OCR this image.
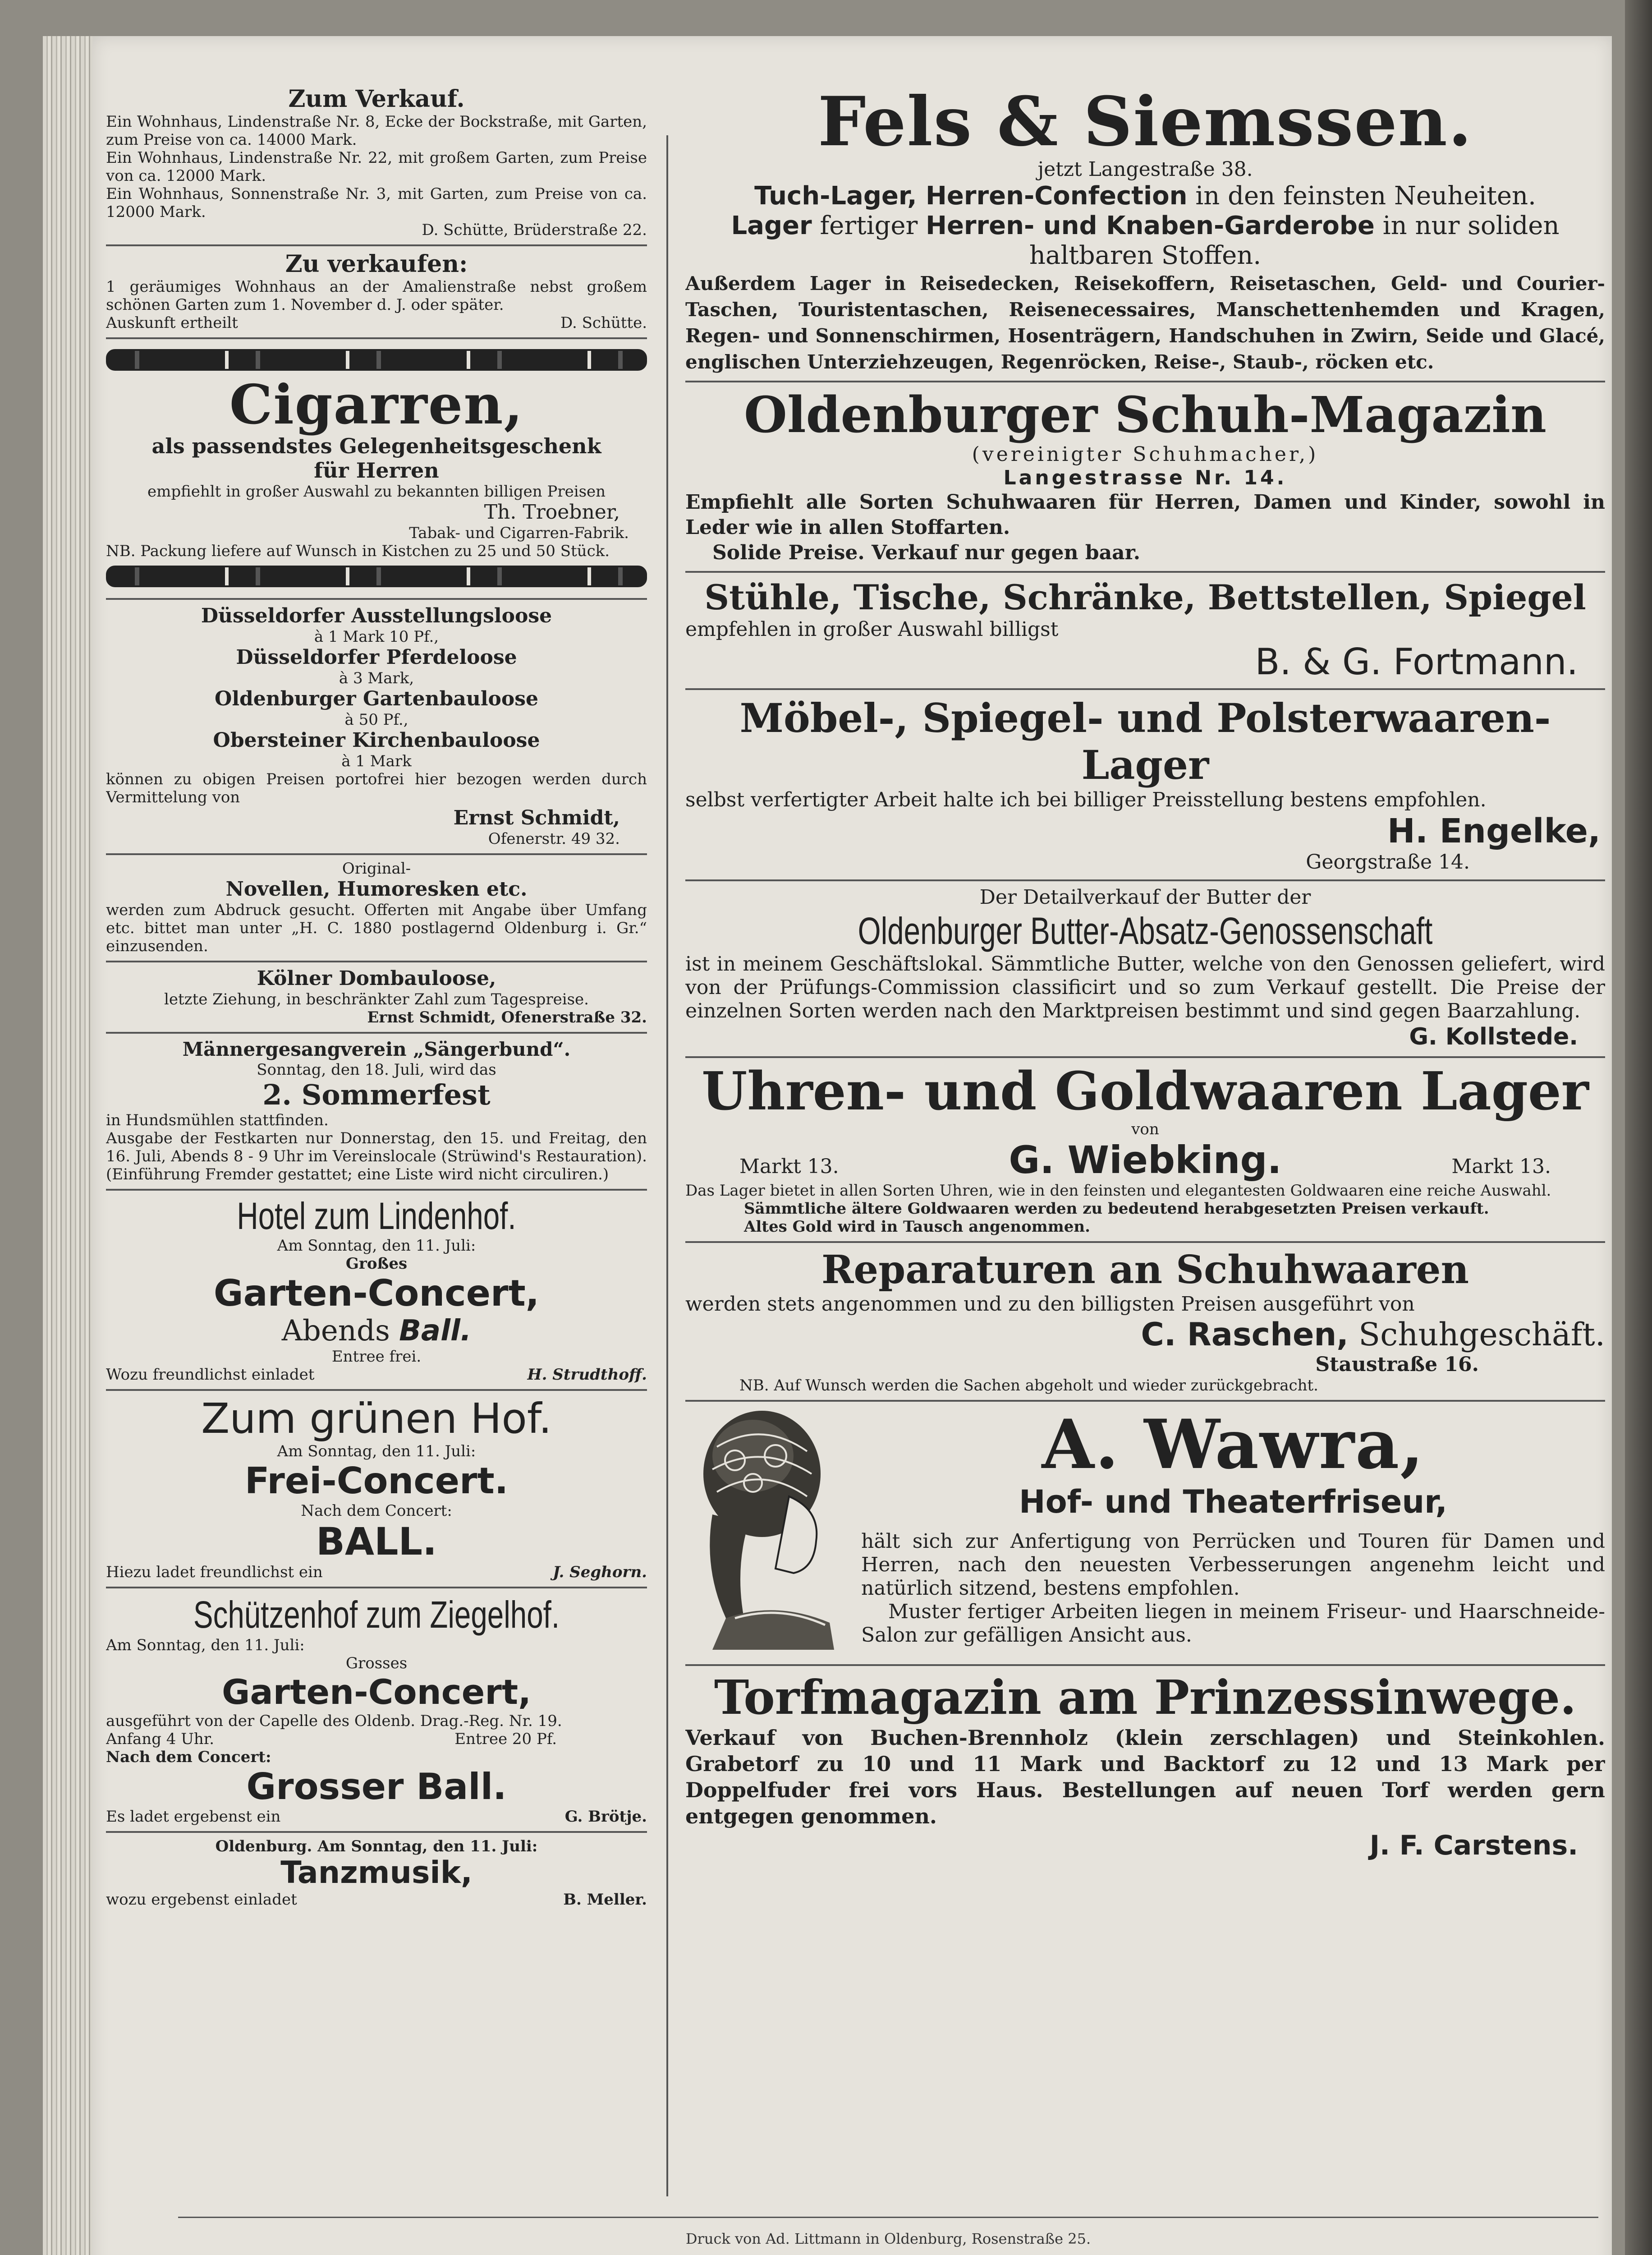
Zum Verkauf.
Ein Wohnhaus, Lindenstraße Nr. 8, Ecke der Bockstraße, mit Garten, zum Preise von ca. 14000 Mark.
Ein Wohnhaus, Lindenstraße Nr. 22, mit großem Garten, zum Preise von ca. 12000 Mark.
Ein Wohnhaus, Sonnenstraße Nr. 3, mit Garten, zum Preise von ca. 12000 Mark.
D. Schütte, Brüderstraße 22.
Zu verkaufen:
1 geräumiges Wohnhaus an der Amalienstraße nebst großem schönen Garten zum 1. November d. J. oder später.
Auskunft ertheilt	D. Schütte.
Cigarren,
als passendstes Gelegenheitsgeschenk
für Herren
empfiehlt in großer Auswahl zu bekannten billigen Preisen
Th. Troebner,
Tabak- und Cigarren-Fabrik.
NB. Packung liefere auf Wunsch in Kistchen zu 25 und 50 Stück.
Düsseldorfer Ausstellungsloose
à 1 Mark 10 Pf.,
Düsseldorfer Pferdeloose
à 3 Mark,
Oldenburger Gartenbauloose
à 50 Pf.,
Obersteiner Kirchenbauloose
à 1 Mark
können zu obigen Preisen portofrei hier bezogen werden durch Vermittelung von
Ernst Schmidt,
Ofenerstr. 49 32.
Original-
Novellen, Humoresken etc.
werden zum Abdruck gesucht. Offerten mit Angabe über Umfang etc. bittet man unter „H. C. 1880 postlagernd Oldenburg i. Gr.“ einzusenden.
Kölner Dombauloose,
letzte Ziehung, in beschränkter Zahl zum Tagespreise.
Ernst Schmidt, Ofenerstraße 32.
Männergesangverein „Sängerbund“.
Sonntag, den 18. Juli, wird das
2. Sommerfest
in Hundsmühlen stattfinden.
Ausgabe der Festkarten nur Donnerstag, den 15. und Freitag, den 16. Juli, Abends 8 - 9 Uhr im Vereinslocale (Strüwind's Restauration). (Einführung Fremder gestattet; eine Liste wird nicht circuliren.)
Hotel zum Lindenhof.
Am Sonntag, den 11. Juli:
Großes
Garten-Concert,
Abends Ball.
Entree frei.
Wozu freundlichst einladet	H. Strudthoff.
Zum grünen Hof.
Am Sonntag, den 11. Juli:
Frei-Concert.
Nach dem Concert:
BALL.
Hiezu ladet freundlichst ein	J. Seghorn.
Schützenhof zum Ziegelhof.
Am Sonntag, den 11. Juli:
Grosses
Garten-Concert,
ausgeführt von der Capelle des Oldenb. Drag.-Reg. Nr. 19.
Anfang 4 Uhr.	Entree 20 Pf.
Nach dem Concert:
Grosser Ball.
Es ladet ergebenst ein	G. Brötje.
Oldenburg. Am Sonntag, den 11. Juli:
Tanzmusik,
wozu ergebenst einladet	B. Meller.
Fels & Siemssen.
jetzt Langestraße 38.
Tuch-Lager, Herren-Confection in den feinsten Neuheiten.
Lager fertiger Herren- und Knaben-Garderobe in nur soliden haltbaren Stoffen.
Außerdem Lager in Reisedecken, Reisekoffern, Reisetaschen, Geld- und Courier-Taschen, Touristentaschen, Reisenecessaires, Manschettenhemden und Kragen, Regen- und Sonnenschirmen, Hosenträgern, Handschuhen in Zwirn, Seide und Glacé, englischen Unterziehzeugen, Regenröcken, Reise-, Staub-, röcken etc.
Oldenburger Schuh-Magazin
(vereinigter Schuhmacher,)
Langestrasse Nr. 14.
Empfiehlt alle Sorten Schuhwaaren für Herren, Damen und Kinder, sowohl in Leder wie in allen Stoffarten.
Solide Preise. Verkauf nur gegen baar.
Stühle, Tische, Schränke, Bettstellen, Spiegel
empfehlen in großer Auswahl billigst
B. & G. Fortmann.
Möbel-, Spiegel- und Polsterwaaren-Lager
selbst verfertigter Arbeit halte ich bei billiger Preisstellung bestens empfohlen.
H. Engelke,
Georgstraße 14.
Der Detailverkauf der Butter der
Oldenburger Butter-Absatz-Genossenschaft
ist in meinem Geschäftslokal. Sämmtliche Butter, welche von den Genossen geliefert, wird von der Prüfungs-Commission classificirt und so zum Verkauf gestellt. Die Preise der einzelnen Sorten werden nach den Marktpreisen bestimmt und sind gegen Baarzahlung.
G. Kollstede.
Uhren- und Goldwaaren Lager
von
Markt 13.	G. Wiebking.	Markt 13.
Das Lager bietet in allen Sorten Uhren, wie in den feinsten und elegantesten Goldwaaren eine reiche Auswahl.
Sämmtliche ältere Goldwaaren werden zu bedeutend herabgesetzten Preisen verkauft.
Altes Gold wird in Tausch angenommen.
Reparaturen an Schuhwaaren
werden stets angenommen und zu den billigsten Preisen ausgeführt von
C. Raschen, Schuhgeschäft.
Staustraße 16.
NB. Auf Wunsch werden die Sachen abgeholt und wieder zurückgebracht.
A. Wawra,
Hof- und Theaterfriseur,
hält sich zur Anfertigung von Perrücken und Touren für Damen und Herren, nach den neuesten Verbesserungen angenehm leicht und natürlich sitzend, bestens empfohlen.
Muster fertiger Arbeiten liegen in meinem Friseur- und Haarschneide-Salon zur gefälligen Ansicht aus.
Torfmagazin am Prinzessinwege.
Verkauf von Buchen-Brennholz (klein zerschlagen) und Steinkohlen. Grabetorf zu 10 und 11 Mark und Backtorf zu 12 und 13 Mark per Doppelfuder frei vors Haus. Bestellungen auf neuen Torf werden gern entgegen genommen.
J. F. Carstens.
Druck von Ad. Littmann in Oldenburg, Rosenstraße 25.
